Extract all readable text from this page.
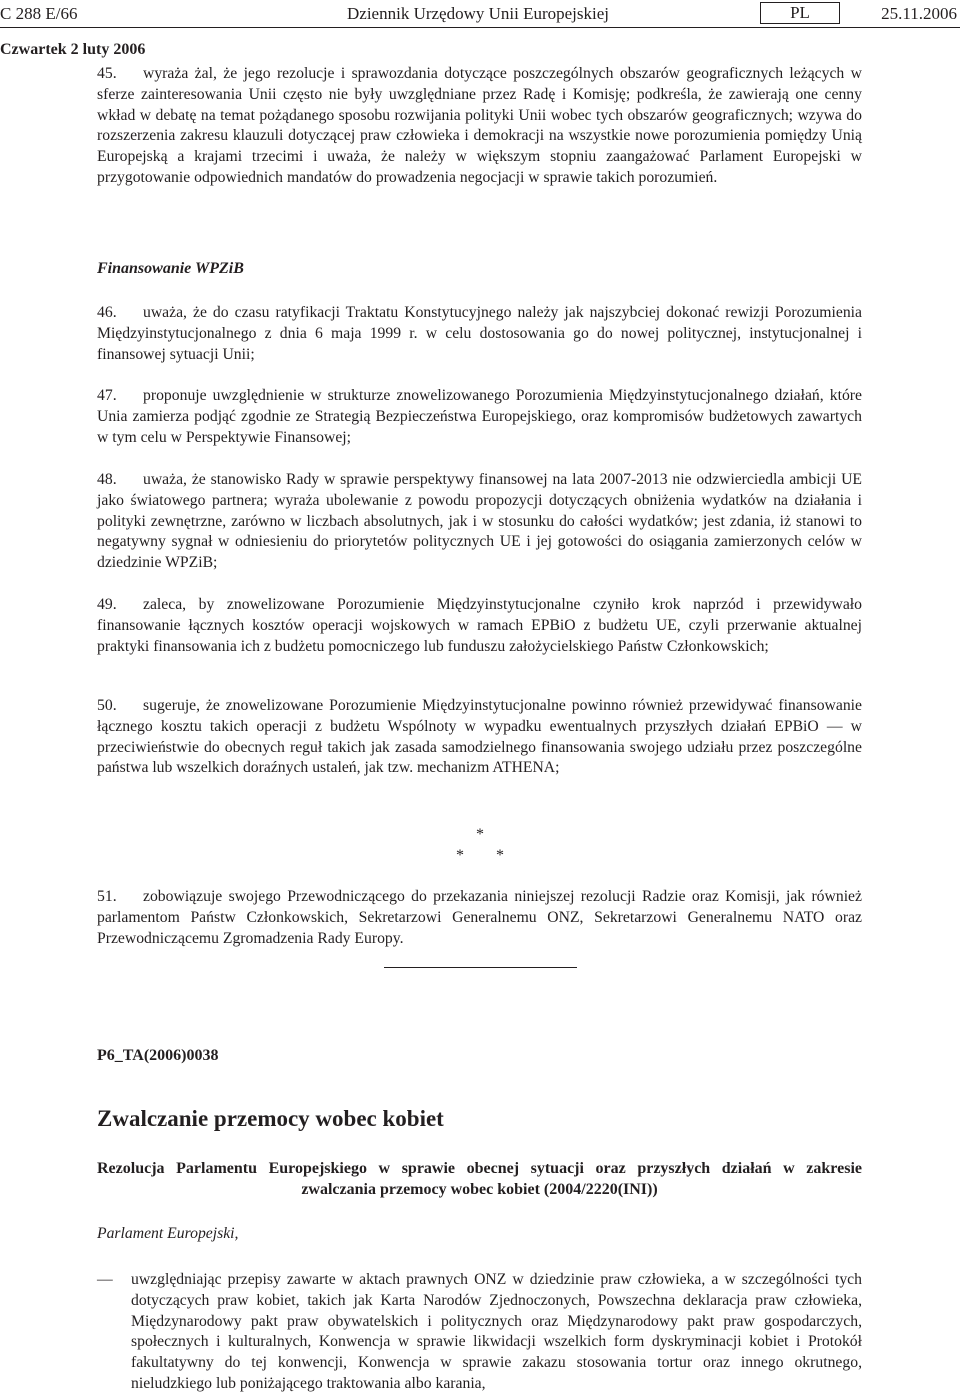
C 288 E/66	Dziennik Urzędowy Unii Europejskiej	PL	25.11.2006
Czwartek 2 luty 2006

45. wyraża żal, że jego rezolucje i sprawozdania dotyczące poszczególnych obszarów geograficznych leżących w sferze zainteresowania Unii często nie były uwzględniane przez Radę i Komisję; podkreśla, że zawierają one cenny wkład w debatę na temat pożądanego sposobu rozwijania polityki Unii wobec tych obszarów geograficznych; wzywa do rozszerzenia zakresu klauzuli dotyczącej praw człowieka i demokracji na wszystkie nowe porozumienia pomiędzy Unią Europejską a krajami trzecimi i uważa, że należy w większym stopniu zaangażować Parlament Europejski w przygotowanie odpowiednich mandatów do prowadzenia negocjacji w sprawie takich porozumień.

Finansowanie WPZiB

46. uważa, że do czasu ratyfikacji Traktatu Konstytucyjnego należy jak najszybciej dokonać rewizji Porozumienia Międzyinstytucjonalnego z dnia 6 maja 1999 r. w celu dostosowania go do nowej politycznej, instytucjonalnej i finansowej sytuacji Unii;

47. proponuje uwzględnienie w strukturze znowelizowanego Porozumienia Międzyinstytucjonalnego działań, które Unia zamierza podjąć zgodnie ze Strategią Bezpieczeństwa Europejskiego, oraz kompromisów budżetowych zawartych w tym celu w Perspektywie Finansowej;

48. uważa, że stanowisko Rady w sprawie perspektywy finansowej na lata 2007-2013 nie odzwierciedla ambicji UE jako światowego partnera; wyraża ubolewanie z powodu propozycji dotyczących obniżenia wydatków na działania i polityki zewnętrzne, zarówno w liczbach absolutnych, jak i w stosunku do całości wydatków; jest zdania, iż stanowi to negatywny sygnał w odniesieniu do priorytetów politycznych UE i jej gotowości do osiągania zamierzonych celów w dziedzinie WPZiB;

49. zaleca, by znowelizowane Porozumienie Międzyinstytucjonalne czyniło krok naprzód i przewidywało finansowanie łącznych kosztów operacji wojskowych w ramach EPBiO z budżetu UE, czyli przerwanie aktualnej praktyki finansowania ich z budżetu pomocniczego lub funduszu założycielskiego Państw Członkowskich;

50. sugeruje, że znowelizowane Porozumienie Międzyinstytucjonalne powinno również przewidywać finansowanie łącznego kosztu takich operacji z budżetu Wspólnoty w wypadku ewentualnych przyszłych działań EPBiO — w przeciwieństwie do obecnych reguł takich jak zasada samodzielnego finansowania swojego udziału przez poszczególne państwa lub wszelkich doraźnych ustaleń, jak tzw. mechanizm ATHENA;

*
* *

51. zobowiązuje swojego Przewodniczącego do przekazania niniejszej rezolucji Radzie oraz Komisji, jak również parlamentom Państw Członkowskich, Sekretarzowi Generalnemu ONZ, Sekretarzowi Generalnemu NATO oraz Przewodniczącemu Zgromadzenia Rady Europy.

P6_TA(2006)0038
Zwalczanie przemocy wobec kobiet
Rezolucja Parlamentu Europejskiego w sprawie obecnej sytuacji oraz przyszłych działań w zakresie
zwalczania przemocy wobec kobiet (2004/2220(INI))
Parlament Europejski,
— uwzględniając przepisy zawarte w aktach prawnych ONZ w dziedzinie praw człowieka, a w szczególności tych dotyczących praw kobiet, takich jak Karta Narodów Zjednoczonych, Powszechna deklaracja praw człowieka, Międzynarodowy pakt praw obywatelskich i politycznych oraz Międzynarodowy pakt praw gospodarczych, społecznych i kulturalnych, Konwencja w sprawie likwidacji wszelkich form dyskryminacji kobiet i Protokół fakultatywny do tej konwencji, Konwencja w sprawie zakazu stosowania tortur oraz innego okrutnego, nieludzkiego lub poniżającego traktowania albo karania,
